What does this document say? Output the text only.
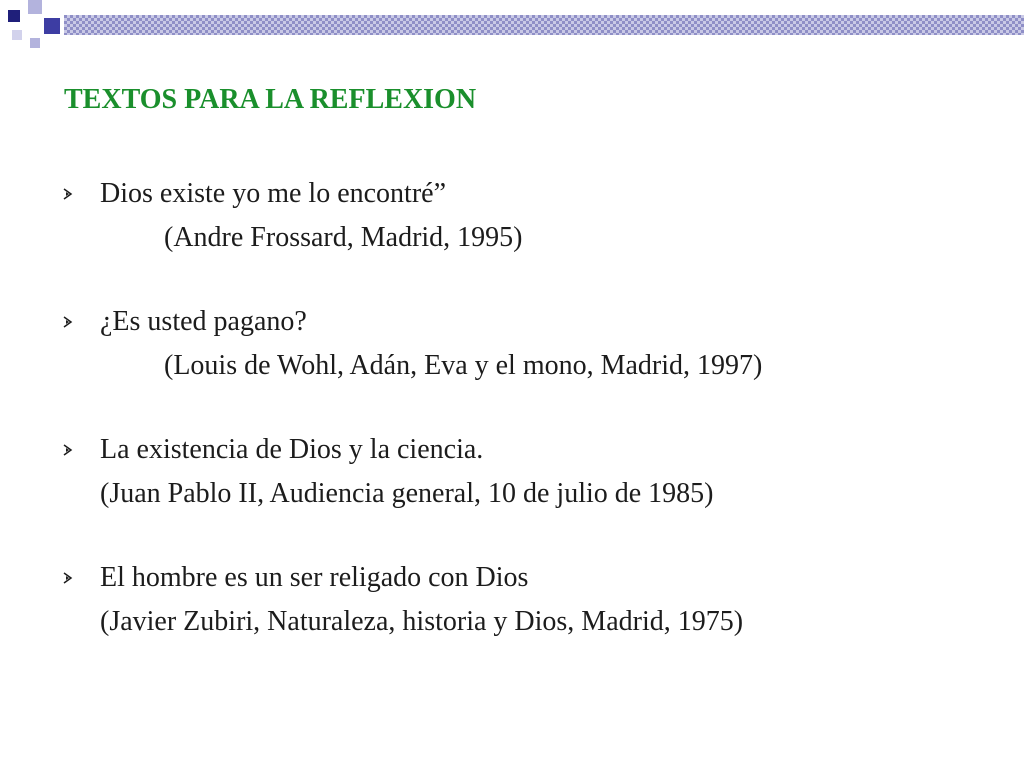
TEXTOS PARA LA REFLEXION
Dios existe yo me lo encontré”
(Andre Frossard, Madrid, 1995)
¿Es usted pagano?
(Louis de Wohl, Adán, Eva y el mono, Madrid, 1997)
La existencia de Dios y la ciencia.
(Juan Pablo II, Audiencia general, 10 de julio de 1985)
El hombre es un ser religado con Dios
(Javier Zubiri, Naturaleza, historia y Dios, Madrid, 1975)
